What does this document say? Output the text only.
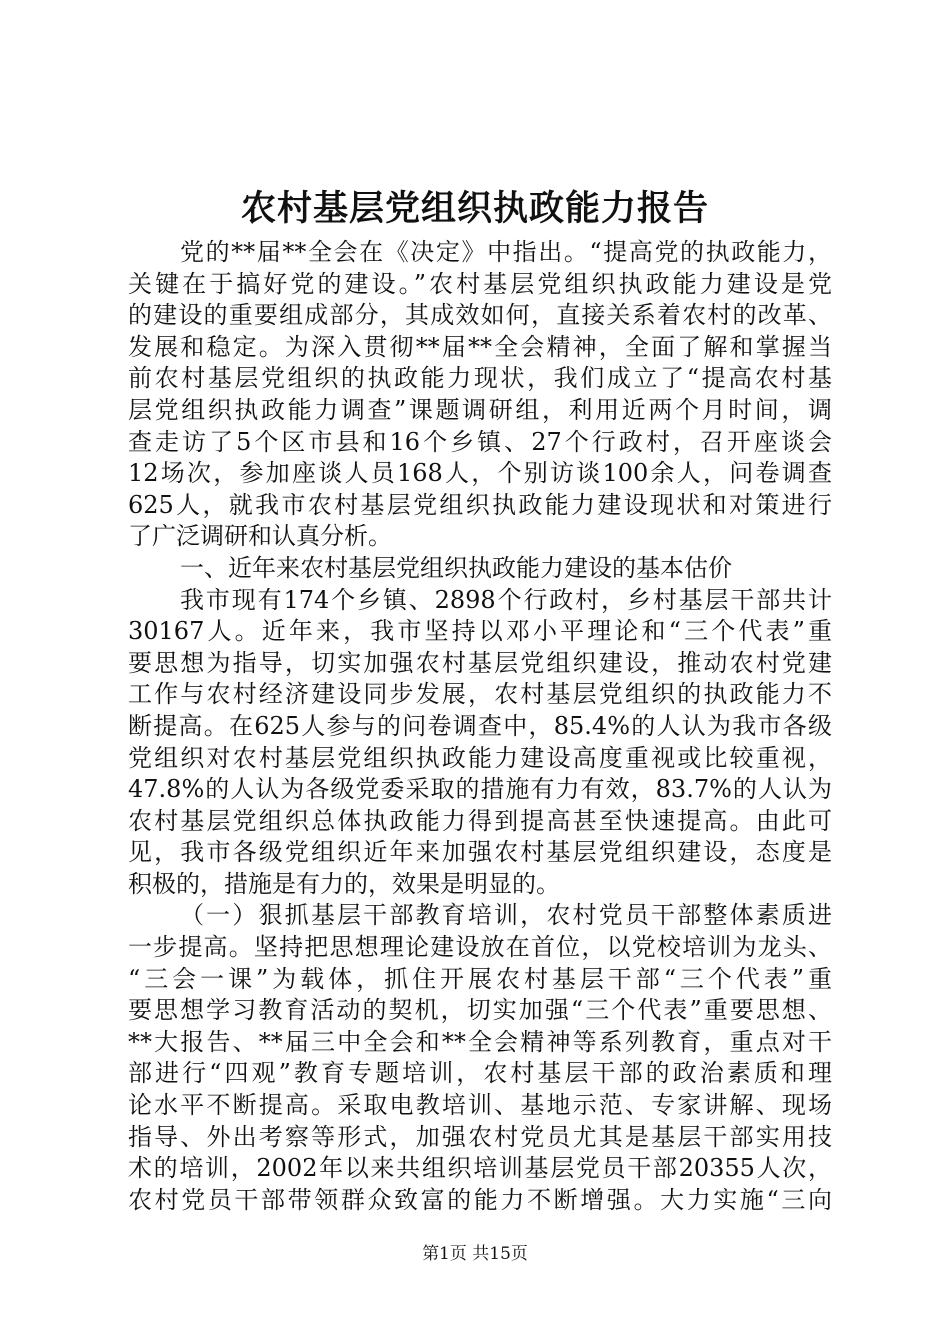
农村基层党组织执政能力报告
党的**届**全会在《决定》中指出。“提高党的执政能力，
关键在于搞好党的建设。”农村基层党组织执政能力建设是党
的建设的重要组成部分，其成效如何，直接关系着农村的改革、
发展和稳定。为深入贯彻**届**全会精神，全面了解和掌握当
前农村基层党组织的执政能力现状，我们成立了“提高农村基
层党组织执政能力调查”课题调研组，利用近两个月时间，调
查走访了5个区市县和16个乡镇、27个行政村，召开座谈会
12场次，参加座谈人员168人，个别访谈100余人，问卷调查
625人，就我市农村基层党组织执政能力建设现状和对策进行
了广泛调研和认真分析。
一、近年来农村基层党组织执政能力建设的基本估价
我市现有174个乡镇、2898个行政村，乡村基层干部共计
30167人。近年来，我市坚持以邓小平理论和“三个代表”重
要思想为指导，切实加强农村基层党组织建设，推动农村党建
工作与农村经济建设同步发展，农村基层党组织的执政能力不
断提高。在625人参与的问卷调查中，85.4%的人认为我市各级
党组织对农村基层党组织执政能力建设高度重视或比较重视，
47.8%的人认为各级党委采取的措施有力有效，83.7%的人认为
农村基层党组织总体执政能力得到提高甚至快速提高。由此可
见，我市各级党组织近年来加强农村基层党组织建设，态度是
积极的，措施是有力的，效果是明显的。
（一）狠抓基层干部教育培训，农村党员干部整体素质进
一步提高。坚持把思想理论建设放在首位，以党校培训为龙头、
“三会一课”为载体，抓住开展农村基层干部“三个代表”重
要思想学习教育活动的契机，切实加强“三个代表”重要思想、
**大报告、**届三中全会和**全会精神等系列教育，重点对干
部进行“四观”教育专题培训，农村基层干部的政治素质和理
论水平不断提高。采取电教培训、基地示范、专家讲解、现场
指导、外出考察等形式，加强农村党员尤其是基层干部实用技
术的培训，2002年以来共组织培训基层党员干部20355人次，
农村党员干部带领群众致富的能力不断增强。大力实施“三向
第1页 共15页
